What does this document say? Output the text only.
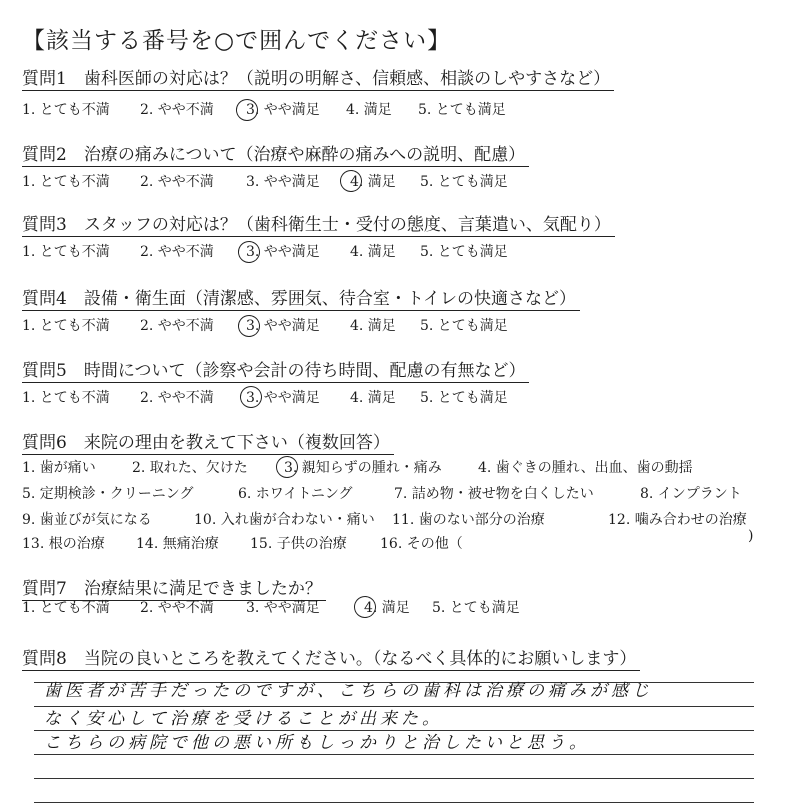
【該当する番号を○で囲んでください】
質問1　歯科医師の対応は？（説明の明解さ、信頼感、相談のしやすさなど）
1. とても不満 2. やや不満 3. やや満足 4. 満足 5. とても満足
質問2　治療の痛みについて（治療や麻酔の痛みへの説明、配慮）
1. とても不満 2. やや不満 3. やや満足 4. 満足 5. とても満足
質問3　スタッフの対応は？（歯科衛生士・受付の態度、言葉遣い、気配り）
1. とても不満 2. やや不満 3. やや満足 4. 満足 5. とても満足
質問4　設備・衛生面（清潔感、雰囲気、待合室・トイレの快適さなど）
1. とても不満 2. やや不満 3. やや満足 4. 満足 5. とても満足
質問5　時間について（診察や会計の待ち時間、配慮の有無など）
1. とても不満 2. やや不満 3. やや満足 4. 満足 5. とても満足
質問6　来院の理由を教えて下さい（複数回答）
1. 歯が痛い	2. 取れた、欠けた	3. 親知らずの腫れ・痛み	4. 歯ぐきの腫れ、出血、歯の動揺
5. 定期検診・クリーニング	6. ホワイトニング	7. 詰め物・被せ物を白くしたい	8. インプラント
9. 歯並びが気になる	10. 入れ歯が合わない・痛い 11. 歯のない部分の治療	12. 噛み合わせの治療
13. 根の治療 14. 無痛治療 15. 子供の治療 16. その他（	)
質問7　治療結果に満足できましたか？
1. とても不満 2. やや不満 3. やや満足	4. 満足 5. とても満足
質問8　当院の良いところを教えてください。（なるべく具体的にお願いします）
歯医者が苦手だったのですが、こちらの歯科は治療の痛みが感じ
なく安心して治療を受けることが出来た。
こちらの病院で他の悪い所もしっかりと治したいと思う。
